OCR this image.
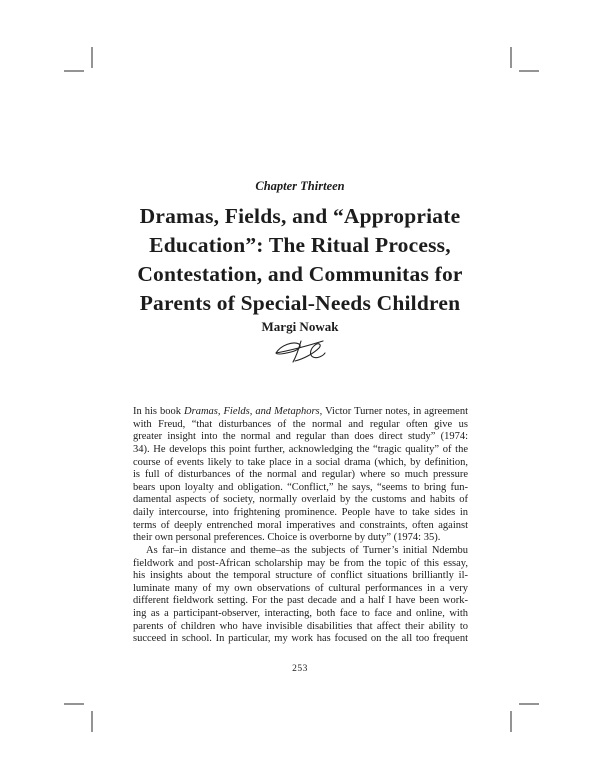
Chapter Thirteen
Dramas, Fields, and “Appropriate
Education”: The Ritual Process,
Contestation, and Communitas for
Parents of Special-Needs Children
Margi Nowak
In his book Dramas, Fields, and Metaphors, Victor Turner notes, in agreement
with Freud, “that disturbances of the normal and regular often give us
greater insight into the normal and regular than does direct study” (1974:
34). He develops this point further, acknowledging the “tragic quality” of the
course of events likely to take place in a social drama (which, by definition,
is full of disturbances of the normal and regular) where so much pressure
bears upon loyalty and obligation. “Conflict,” he says, “seems to bring fun-
damental aspects of society, normally overlaid by the customs and habits of
daily intercourse, into frightening prominence. People have to take sides in
terms of deeply entrenched moral imperatives and constraints, often against
their own personal preferences. Choice is overborne by duty” (1974: 35).
As far–in distance and theme–as the subjects of Turner’s initial Ndembu
fieldwork and post-African scholarship may be from the topic of this essay,
his insights about the temporal structure of conflict situations brilliantly il-
luminate many of my own observations of cultural performances in a very
different fieldwork setting. For the past decade and a half I have been work-
ing as a participant-observer, interacting, both face to face and online, with
parents of children who have invisible disabilities that affect their ability to
succeed in school. In particular, my work has focused on the all too frequent
253
